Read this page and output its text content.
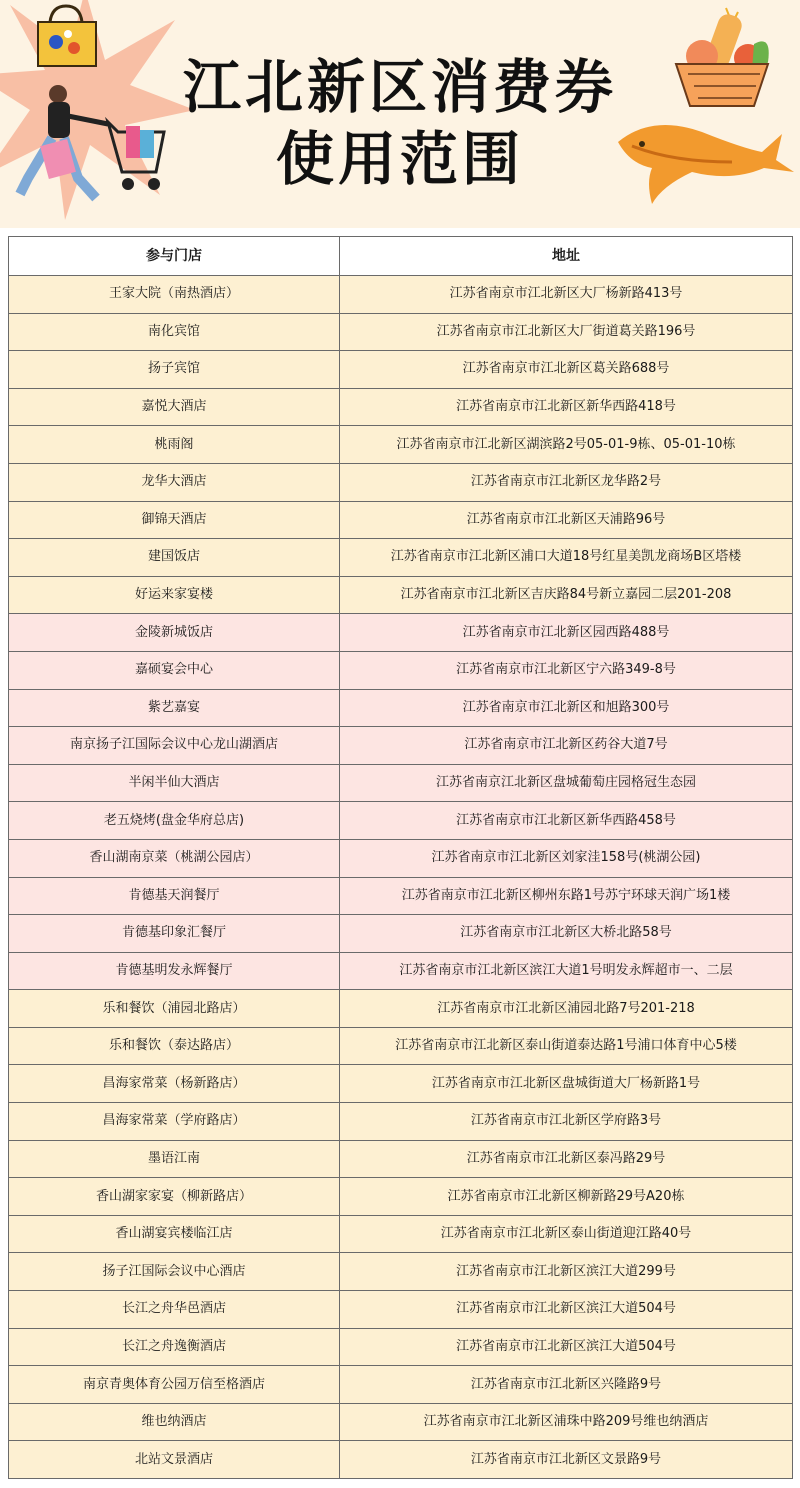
江北新区消费券
使用范围
参与门店	地址
王家大院（南热酒店）	江苏省南京市江北新区大厂杨新路413号
南化宾馆	江苏省南京市江北新区大厂街道葛关路196号
扬子宾馆	江苏省南京市江北新区葛关路688号
嘉悦大酒店	江苏省南京市江北新区新华西路418号
桃雨阁	江苏省南京市江北新区湖滨路2号05-01-9栋、05-01-10栋
龙华大酒店	江苏省南京市江北新区龙华路2号
御锦天酒店	江苏省南京市江北新区天浦路96号
建国饭店	江苏省南京市江北新区浦口大道18号红星美凯龙商场B区塔楼
好运来家宴楼	江苏省南京市江北新区吉庆路84号新立嘉园二层201-208
金陵新城饭店	江苏省南京市江北新区园西路488号
嘉硕宴会中心	江苏省南京市江北新区宁六路349-8号
紫艺嘉宴	江苏省南京市江北新区和旭路300号
南京扬子江国际会议中心龙山湖酒店	江苏省南京市江北新区药谷大道7号
半闲半仙大酒店	江苏省南京江北新区盘城葡萄庄园格冠生态园
老五烧烤(盘金华府总店)	江苏省南京市江北新区新华西路458号
香山湖南京菜（桃湖公园店）	江苏省南京市江北新区刘家洼158号(桃湖公园)
肯德基天润餐厅	江苏省南京市江北新区柳州东路1号苏宁环球天润广场1楼
肯德基印象汇餐厅	江苏省南京市江北新区大桥北路58号
肯德基明发永辉餐厅	江苏省南京市江北新区滨江大道1号明发永辉超市一、二层
乐和餐饮（浦园北路店）	江苏省南京市江北新区浦园北路7号201-218
乐和餐饮（泰达路店）	江苏省南京市江北新区泰山街道泰达路1号浦口体育中心5楼
昌海家常菜（杨新路店）	江苏省南京市江北新区盘城街道大厂杨新路1号
昌海家常菜（学府路店）	江苏省南京市江北新区学府路3号
墨语江南	江苏省南京市江北新区泰冯路29号
香山湖家家宴（柳新路店）	江苏省南京市江北新区柳新路29号A20栋
香山湖宴宾楼临江店	江苏省南京市江北新区泰山街道迎江路40号
扬子江国际会议中心酒店	江苏省南京市江北新区滨江大道299号
长江之舟华邑酒店	江苏省南京市江北新区滨江大道504号
长江之舟逸衡酒店	江苏省南京市江北新区滨江大道504号
南京青奥体育公园万信至格酒店	江苏省南京市江北新区兴隆路9号
维也纳酒店	江苏省南京市江北新区浦珠中路209号维也纳酒店
北站文景酒店	江苏省南京市江北新区文景路9号
